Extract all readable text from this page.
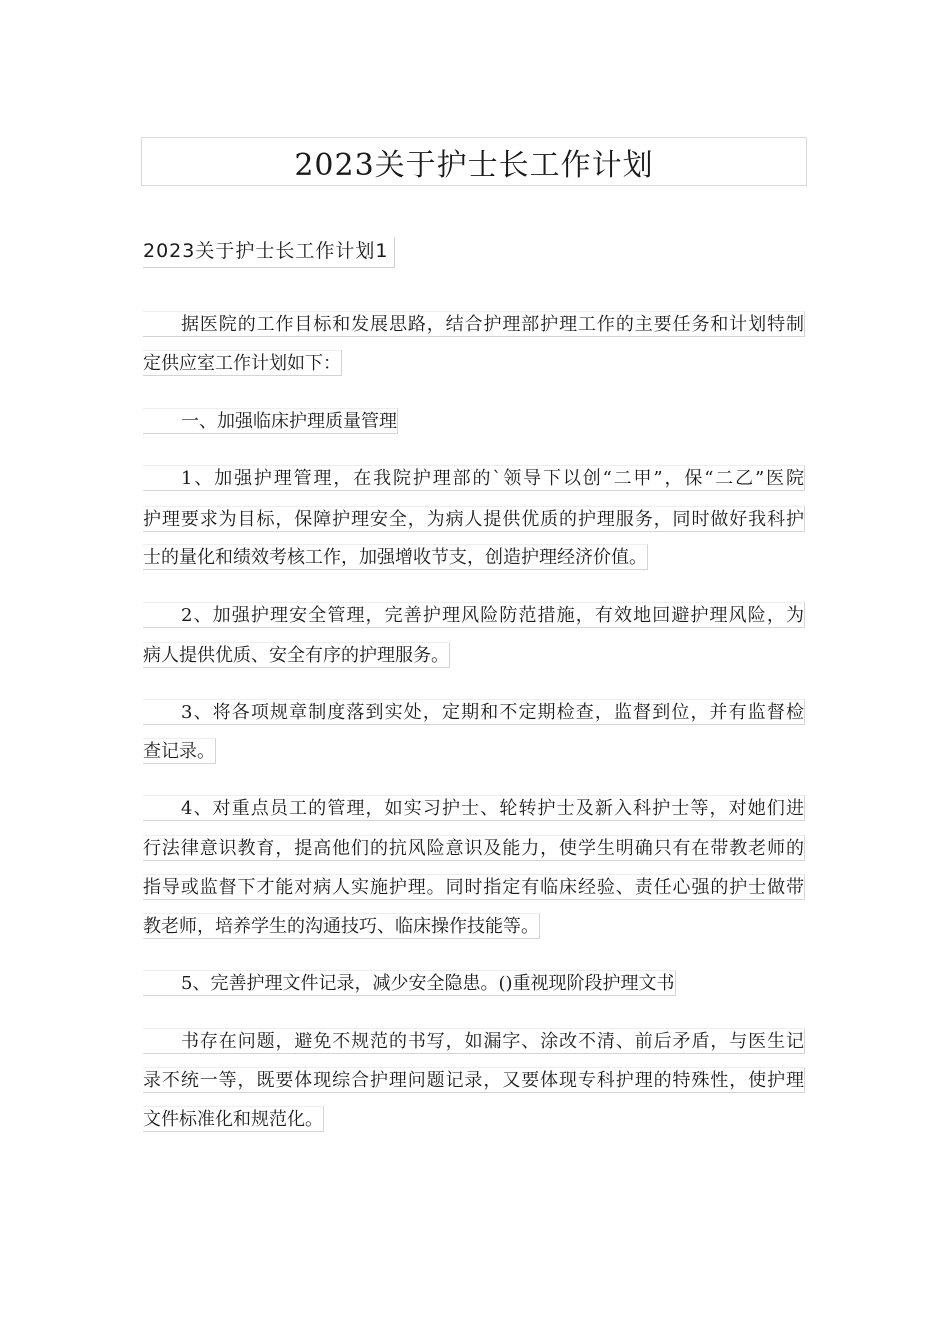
2023关于护士长工作计划
2023关于护士长工作计划1
据医院的工作目标和发展思路，结合护理部护理工作的主要任务和计划特制
定供应室工作计划如下：
一、加强临床护理质量管理
1、加强护理管理，在我院护理部的`领导下以创“二甲”，保“二乙”医院
护理要求为目标，保障护理安全，为病人提供优质的护理服务，同时做好我科护
士的量化和绩效考核工作，加强增收节支，创造护理经济价值。
2、加强护理安全管理，完善护理风险防范措施，有效地回避护理风险，为
病人提供优质、安全有序的护理服务。
3、将各项规章制度落到实处，定期和不定期检查，监督到位，并有监督检
查记录。
4、对重点员工的管理，如实习护士、轮转护士及新入科护士等，对她们进
行法律意识教育，提高他们的抗风险意识及能力，使学生明确只有在带教老师的
指导或监督下才能对病人实施护理。同时指定有临床经验、责任心强的护士做带
教老师，培养学生的沟通技巧、临床操作技能等。
5、完善护理文件记录，减少安全隐患。()重视现阶段护理文书
书存在问题，避免不规范的书写，如漏字、涂改不清、前后矛盾，与医生记
录不统一等，既要体现综合护理问题记录，又要体现专科护理的特殊性，使护理
文件标准化和规范化。
